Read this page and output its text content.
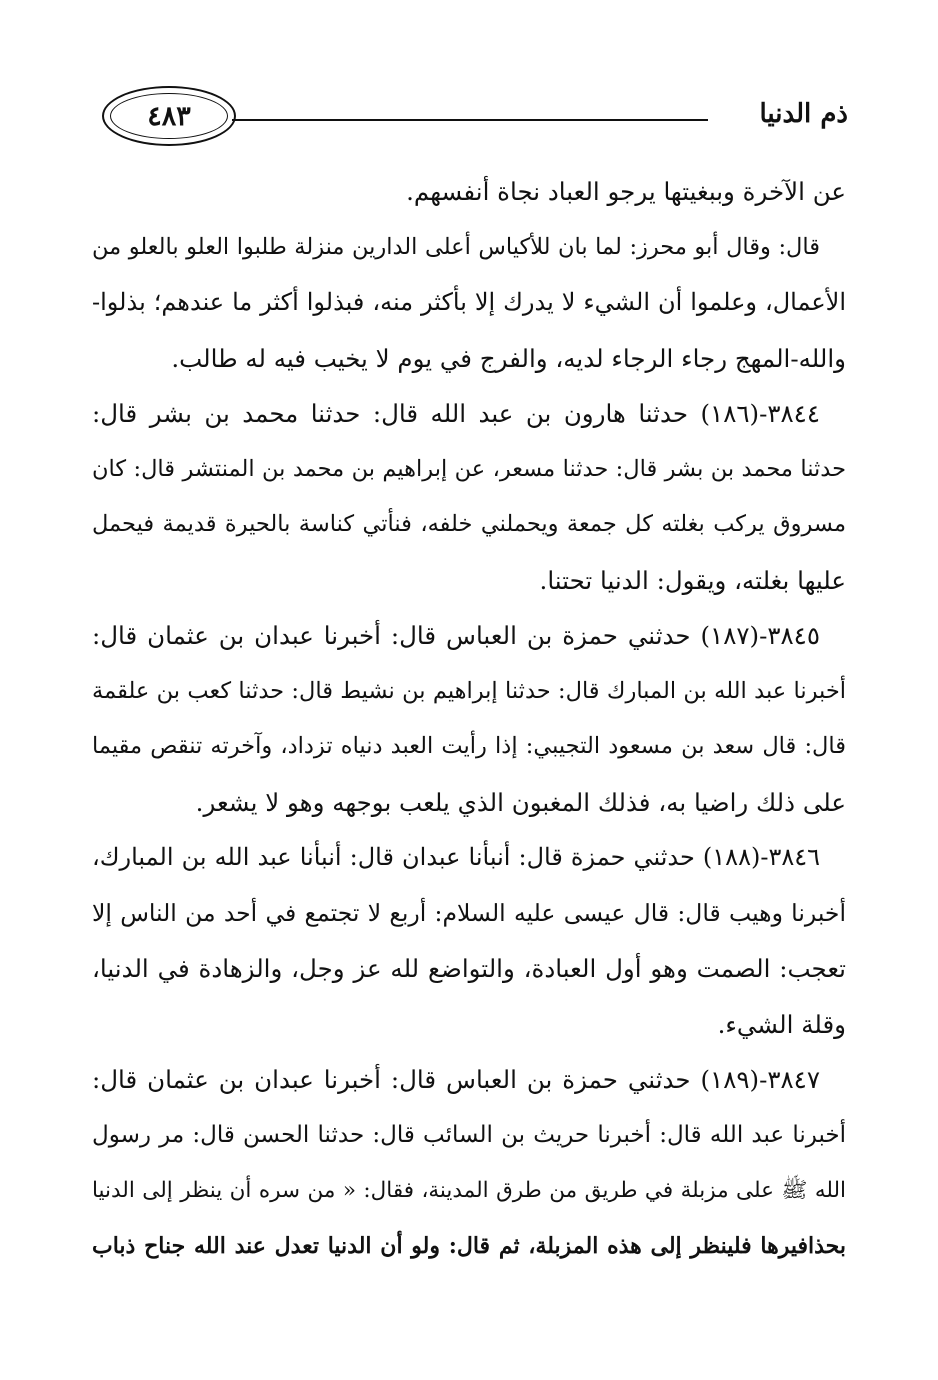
ذم الدنيا
٤٨٣
عن الآخرة وببغيتها يرجو العباد نجاة أنفسهم.
قال: وقال أبو محرز: لما بان للأكياس أعلى الدارين منزلة طلبوا العلو بالعلو من
الأعمال، وعلموا أن الشيء لا يدرك إلا بأكثر منه، فبذلوا أكثر ما عندهم؛ بذلوا-
والله-المهج رجاء الرجاء لديه، والفرج في يوم لا يخيب فيه له طالب.
٣٨٤٤-(١٨٦) حدثنا هارون بن عبد الله قال: حدثنا محمد بن بشر قال:
حدثنا محمد بن بشر قال: حدثنا مسعر، عن إبراهيم بن محمد بن المنتشر قال: كان
مسروق يركب بغلته كل جمعة ويحملني خلفه، فنأتي كناسة بالحيرة قديمة فيحمل
عليها بغلته، ويقول: الدنيا تحتنا.
٣٨٤٥-(١٨٧) حدثني حمزة بن العباس قال: أخبرنا عبدان بن عثمان قال:
أخبرنا عبد الله بن المبارك قال: حدثنا إبراهيم بن نشيط قال: حدثنا كعب بن علقمة
قال: قال سعد بن مسعود التجيبي: إذا رأيت العبد دنياه تزداد، وآخرته تنقص مقيما
على ذلك راضيا به، فذلك المغبون الذي يلعب بوجهه وهو لا يشعر.
٣٨٤٦-(١٨٨) حدثني حمزة قال: أنبأنا عبدان قال: أنبأنا عبد الله بن المبارك،
أخبرنا وهيب قال: قال عيسى عليه السلام: أربع لا تجتمع في أحد من الناس إلا
تعجب: الصمت وهو أول العبادة، والتواضع لله عز وجل، والزهادة في الدنيا،
وقلة الشيء.
٣٨٤٧-(١٨٩) حدثني حمزة بن العباس قال: أخبرنا عبدان بن عثمان قال:
أخبرنا عبد الله قال: أخبرنا حريث بن السائب قال: حدثنا الحسن قال: مر رسول
الله ﷺ على مزبلة في طريق من طرق المدينة، فقال: « من سره أن ينظر إلى الدنيا
بحذافيرها فلينظر إلى هذه المزبلة، ثم قال: ولو أن الدنيا تعدل عند الله جناح ذباب
